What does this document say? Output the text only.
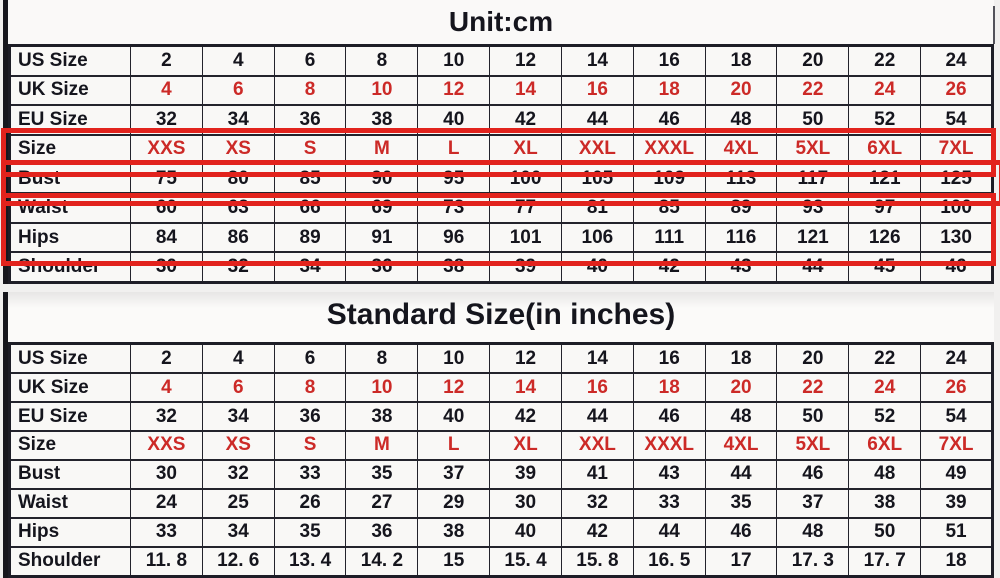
Unit:cm
US Size	2	4	6	8	10	12	14	16	18	20	22	24
UK Size	4	6	8	10	12	14	16	18	20	22	24	26
EU Size	32	34	36	38	40	42	44	46	48	50	52	54
Size	XXS	XS	S	M	L	XL	XXL	XXXL	4XL	5XL	6XL	7XL
Bust	75	80	85	90	95	100	105	109	113	117	121	125
Waist	60	63	66	69	73	77	81	85	89	93	97	100
Hips	84	86	89	91	96	101	106	111	116	121	126	130
Shoulder	30	32	34	36	38	39	40	42	43	44	45	46
Standard Size(in inches)
US Size	2	4	6	8	10	12	14	16	18	20	22	24
UK Size	4	6	8	10	12	14	16	18	20	22	24	26
EU Size	32	34	36	38	40	42	44	46	48	50	52	54
Size	XXS	XS	S	M	L	XL	XXL	XXXL	4XL	5XL	6XL	7XL
Bust	30	32	33	35	37	39	41	43	44	46	48	49
Waist	24	25	26	27	29	30	32	33	35	37	38	39
Hips	33	34	35	36	38	40	42	44	46	48	50	51
Shoulder	11. 8	12. 6	13. 4	14. 2	15	15. 4	15. 8	16. 5	17	17. 3	17. 7	18
